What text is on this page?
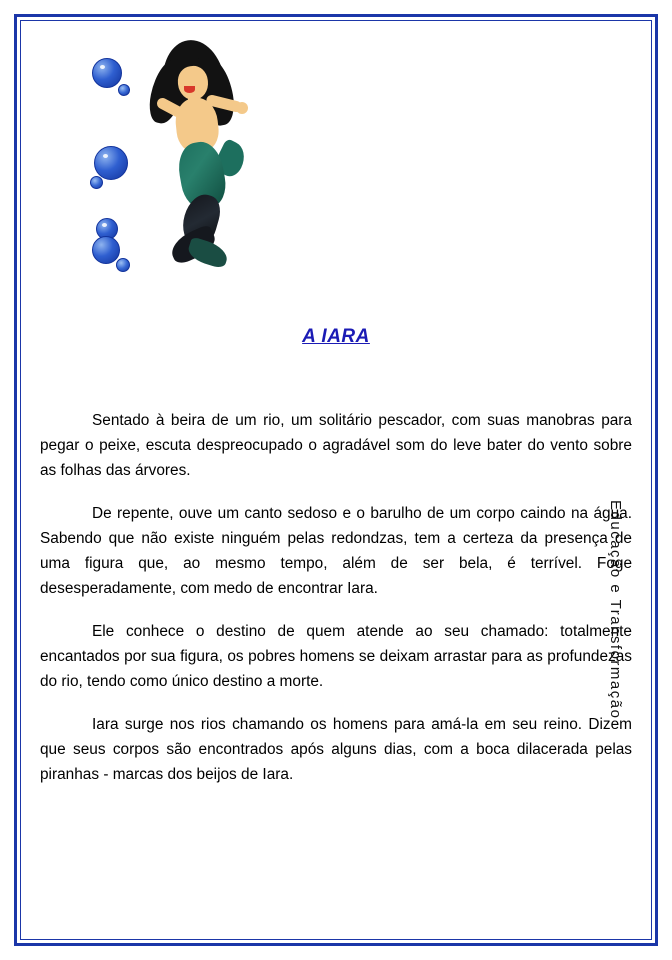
A IARA

Sentado à beira de um rio, um solitário pescador, com suas manobras para pegar o peixe, escuta despreocupado o agradável som do leve bater do vento sobre as folhas das árvores.

De repente, ouve um canto sedoso e o barulho de um corpo caindo na água. Sabendo que não existe ninguém pelas redondzas, tem a certeza da presença de uma figura que, ao mesmo tempo, além de ser bela, é terrível. Foge desesperadamente, com medo de encontrar Iara.

Ele conhece o destino de quem atende ao seu chamado: totalmente encantados por sua figura, os pobres homens se deixam arrastar para as profundezas do rio, tendo como único destino a morte.

Iara surge nos rios chamando os homens para amá-la em seu reino. Dizem que seus corpos são encontrados após alguns dias, com a boca dilacerada pelas piranhas - marcas dos beijos de Iara.

Educação e Transformação
